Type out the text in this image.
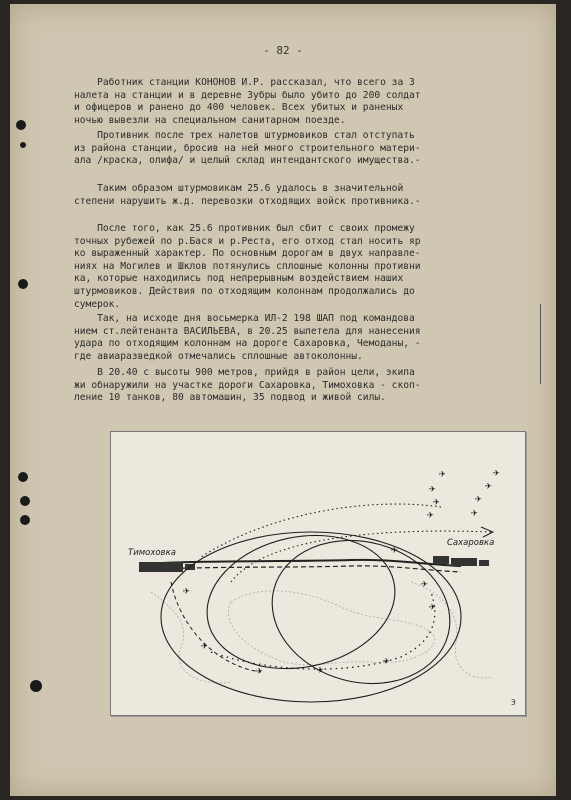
- 82 -

Работник станции КОНОНОВ И.Р. рассказал, что всего за 3
налета на станции и в деревне Зубры было убито до 200 солдат
и офицеров и ранено до 400 человек. Всех убитых и раненых
ночью вывезли на специальном санитарном поезде.

Противник после трех налетов штурмовиков стал отступать
из района станции, бросив на ней много строительного матери-
ала /краска, олифа/ и целый склад интендантского имущества.-

Таким образом штурмовикам 25.6 удалось в значительной
степени нарушить ж.д. перевозки отходящих войск противника.-

После того, как 25.6 противник был сбит с своих промежу
точных рубежей по р.Бася и р.Реста, его отход стал носить яр
ко выраженный характер. По основным дорогам в двух направле-
ниях на Могилев и Шклов потянулись сплошные колонны противни
ка, которые находились под непрерывным воздействием наших
штурмовиков. Действия по отходящим колоннам продолжались до
сумерок.

Так, на исходе дня восьмерка ИЛ-2 198 ШАП под командова
нием ст.лейтенанта ВАСИЛЬЕВА, в 20.25 вылетела для нанесения
удара по отходящим колоннам на дороге Сахаровка, Чемоданы, -
где авиаразведкой отмечались сплошные автоколонны.

В 20.40 с высоты 900 метров, прийдя в район цели, экипа
жи обнаружили на участке дороги Сахаровка, Тимоховка - скоп-
ление 10 танков, 80 автомашин, 35 подвод и живой силы.

✈	✈
✈	✈
✈	✈
✈	✈
✈
✈
✈
✈	✈
✈
✈
✈
Тимоховка
Сахаровка
Э
